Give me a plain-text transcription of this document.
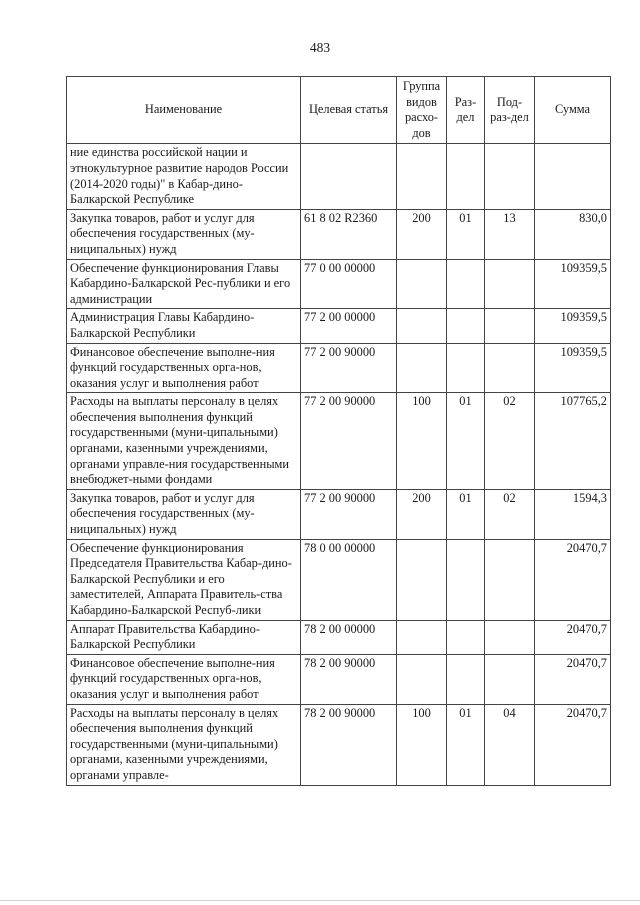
483
Наименование	Целевая статья	Группа видов расхо-дов	Раз-дел	Под-раз-дел	Сумма
ние единства российской нации и этнокультурное развитие народов России (2014-2020 годы)" в Кабар-дино-Балкарской Республике					
Закупка товаров, работ и услуг для обеспечения государственных (му-ниципальных) нужд	61 8 02 R2360	200	01	13	830,0
Обеспечение функционирования Главы Кабардино-Балкарской Рес-публики и его администрации	77 0 00 00000				109359,5
Администрация Главы Кабардино-Балкарской Республики	77 2 00 00000				109359,5
Финансовое обеспечение выполне-ния функций государственных орга-нов, оказания услуг и выполнения работ	77 2 00 90000				109359,5
Расходы на выплаты персоналу в целях обеспечения выполнения функций государственными (муни-ципальными) органами, казенными учреждениями, органами управле-ния государственными внебюджет-ными фондами	77 2 00 90000	100	01	02	107765,2
Закупка товаров, работ и услуг для обеспечения государственных (му-ниципальных) нужд	77 2 00 90000	200	01	02	1594,3
Обеспечение функционирования Председателя Правительства Кабар-дино-Балкарской Республики и его заместителей, Аппарата Правитель-ства Кабардино-Балкарской Респуб-лики	78 0 00 00000				20470,7
Аппарат Правительства Кабардино-Балкарской Республики	78 2 00 00000				20470,7
Финансовое обеспечение выполне-ния функций государственных орга-нов, оказания услуг и выполнения работ	78 2 00 90000				20470,7
Расходы на выплаты персоналу в целях обеспечения выполнения функций государственными (муни-ципальными) органами, казенными учреждениями, органами управле-	78 2 00 90000	100	01	04	20470,7
